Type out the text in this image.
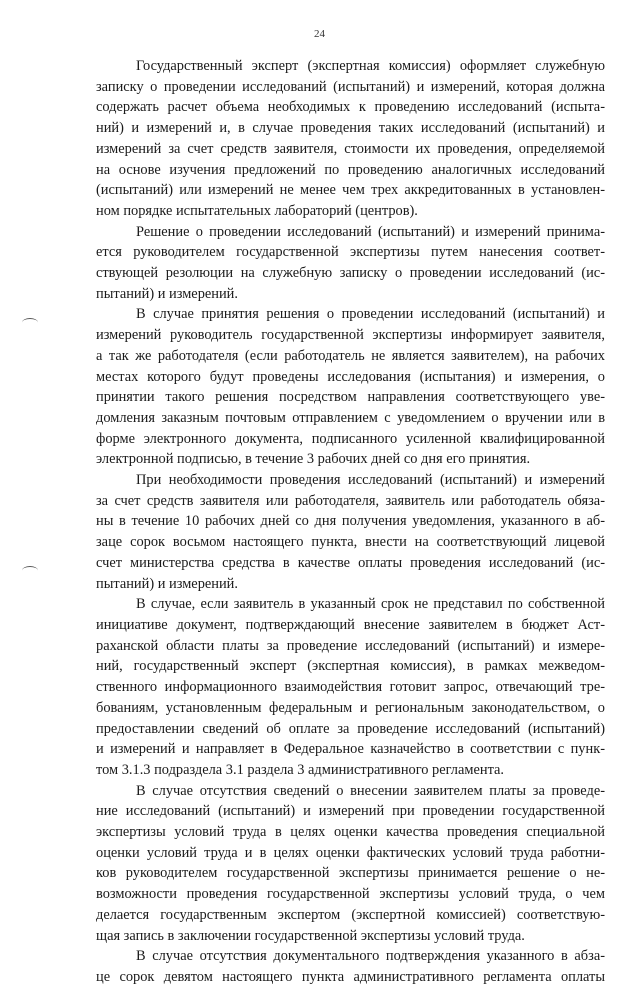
24
Государственный эксперт (экспертная комиссия) оформляет служебную
записку о проведении исследований (испытаний) и измерений, которая должна
содержать расчет объема необходимых к проведению исследований (испыта-
ний) и измерений и, в случае проведения таких исследований (испытаний) и
измерений за счет средств заявителя, стоимости их проведения, определяемой
на основе изучения предложений по проведению аналогичных исследований
(испытаний) или измерений не менее чем трех аккредитованных в установлен-
ном порядке испытательных лабораторий (центров).
Решение о проведении исследований (испытаний) и измерений принима-
ется руководителем государственной экспертизы путем нанесения соответ-
ствующей резолюции на служебную записку о проведении исследований (ис-
пытаний) и измерений.
В случае принятия решения о проведении исследований (испытаний) и
измерений руководитель государственной экспертизы информирует заявителя,
а так же работодателя (если работодатель не является заявителем), на рабочих
местах которого будут проведены исследования (испытания) и измерения, о
принятии такого решения посредством направления соответствующего уве-
домления заказным почтовым отправлением с уведомлением о вручении или в
форме электронного документа, подписанного усиленной квалифицированной
электронной подписью, в течение 3 рабочих дней со дня его принятия.
При необходимости проведения исследований (испытаний) и измерений
за счет средств заявителя или работодателя, заявитель или работодатель обяза-
ны в течение 10 рабочих дней со дня получения уведомления, указанного в аб-
заце сорок восьмом настоящего пункта, внести на соответствующий лицевой
счет министерства средства в качестве оплаты проведения исследований (ис-
пытаний) и измерений.
В случае, если заявитель в указанный срок не представил по собственной
инициативе документ, подтверждающий внесение заявителем в бюджет Аст-
раханской области платы за проведение исследований (испытаний) и измере-
ний, государственный эксперт (экспертная комиссия), в рамках межведом-
ственного информационного взаимодействия готовит запрос, отвечающий тре-
бованиям, установленным федеральным и региональным законодательством, о
предоставлении сведений об оплате за проведение исследований (испытаний)
и измерений и направляет в Федеральное казначейство в соответствии с пунк-
том 3.1.3 подраздела 3.1 раздела 3 административного регламента.
В случае отсутствия сведений о внесении заявителем платы за проведе-
ние исследований (испытаний) и измерений при проведении государственной
экспертизы условий труда в целях оценки качества проведения специальной
оценки условий труда и в целях оценки фактических условий труда работни-
ков руководителем государственной экспертизы принимается решение о не-
возможности проведения государственной экспертизы условий труда, о чем
делается государственным экспертом (экспертной комиссией) соответствую-
щая запись в заключении государственной экспертизы условий труда.
В случае отсутствия документального подтверждения указанного в абза-
це сорок девятом настоящего пункта административного регламента оплаты
